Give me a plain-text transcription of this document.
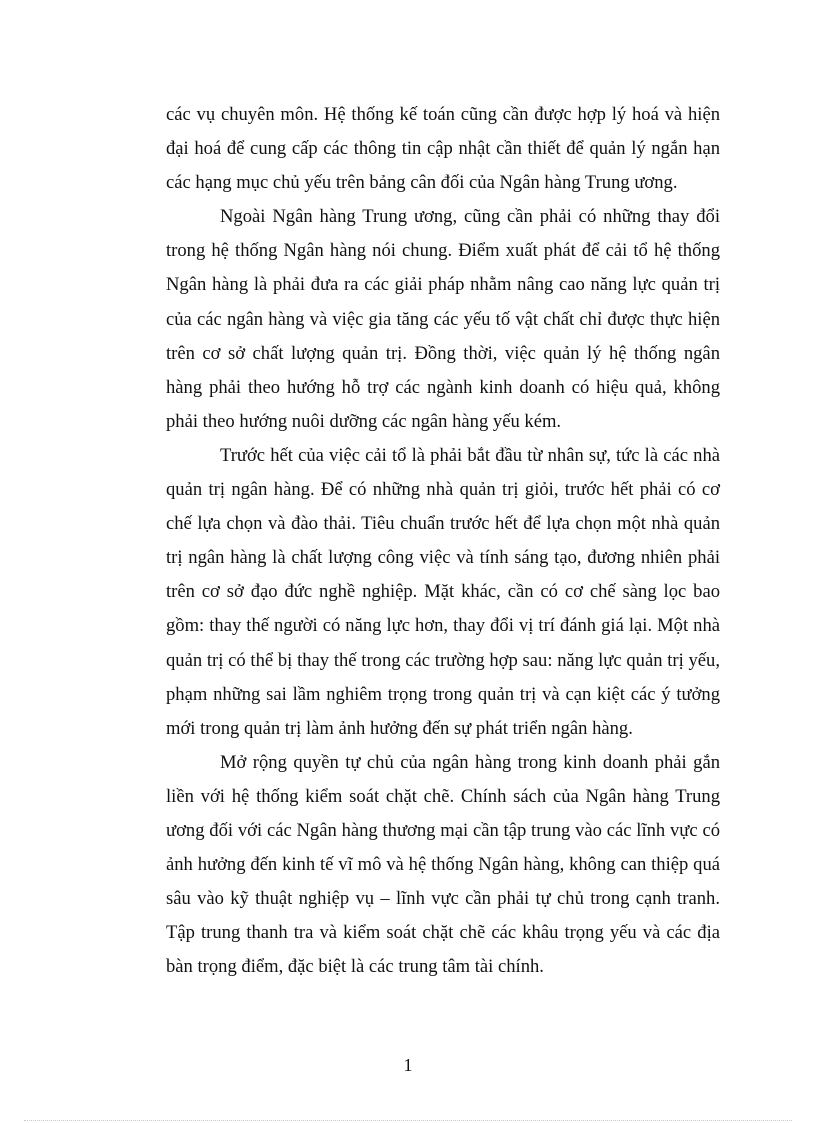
các vụ chuyên môn. Hệ thống kế toán cũng cần được hợp lý hoá và hiện đại hoá để cung cấp các thông tin cập nhật cần thiết để quản lý ngắn hạn các hạng mục chủ yếu trên bảng cân đối của Ngân hàng Trung ương.

Ngoài Ngân hàng Trung ương, cũng cần phải có những thay đổi trong hệ thống Ngân hàng nói chung. Điểm xuất phát để cải tổ hệ thống Ngân hàng là phải đưa ra các giải pháp nhằm nâng cao năng lực quản trị của các ngân hàng và việc gia tăng các yếu tố vật chất chỉ được thực hiện trên cơ sở chất lượng quản trị. Đồng thời, việc quản lý hệ thống ngân hàng phải theo hướng hỗ trợ các ngành kinh doanh có hiệu quả, không phải theo hướng nuôi dưỡng các ngân hàng yếu kém.

Trước hết của việc cải tổ là phải bắt đầu từ nhân sự, tức là các nhà quản trị ngân hàng. Để có những nhà quản trị giỏi, trước hết phải có cơ chế lựa chọn và đào thải. Tiêu chuẩn trước hết để lựa chọn một nhà quản trị ngân hàng là chất lượng công việc và tính sáng tạo, đương nhiên phải trên cơ sở đạo đức nghề nghiệp. Mặt khác, cần có cơ chế sàng lọc bao gồm: thay thế người có năng lực hơn, thay đổi vị trí đánh giá lại. Một nhà quản trị có thể bị thay thế trong các trường hợp sau: năng lực quản trị yếu, phạm những sai lầm nghiêm trọng trong quản trị và cạn kiệt các ý tưởng mới trong quản trị làm ảnh hưởng đến sự phát triển ngân hàng.

Mở rộng quyền tự chủ của ngân hàng trong kinh doanh phải gắn liền với hệ thống kiểm soát chặt chẽ. Chính sách của Ngân hàng Trung ương đối với các Ngân hàng thương mại cần tập trung vào các lĩnh vực có ảnh hưởng đến kinh tế vĩ mô và hệ thống Ngân hàng, không can thiệp quá sâu vào kỹ thuật nghiệp vụ – lĩnh vực cần phải tự chủ trong cạnh tranh. Tập trung thanh tra và kiểm soát chặt chẽ các khâu trọng yếu và các địa bàn trọng điểm, đặc biệt là các trung tâm tài chính.

1
